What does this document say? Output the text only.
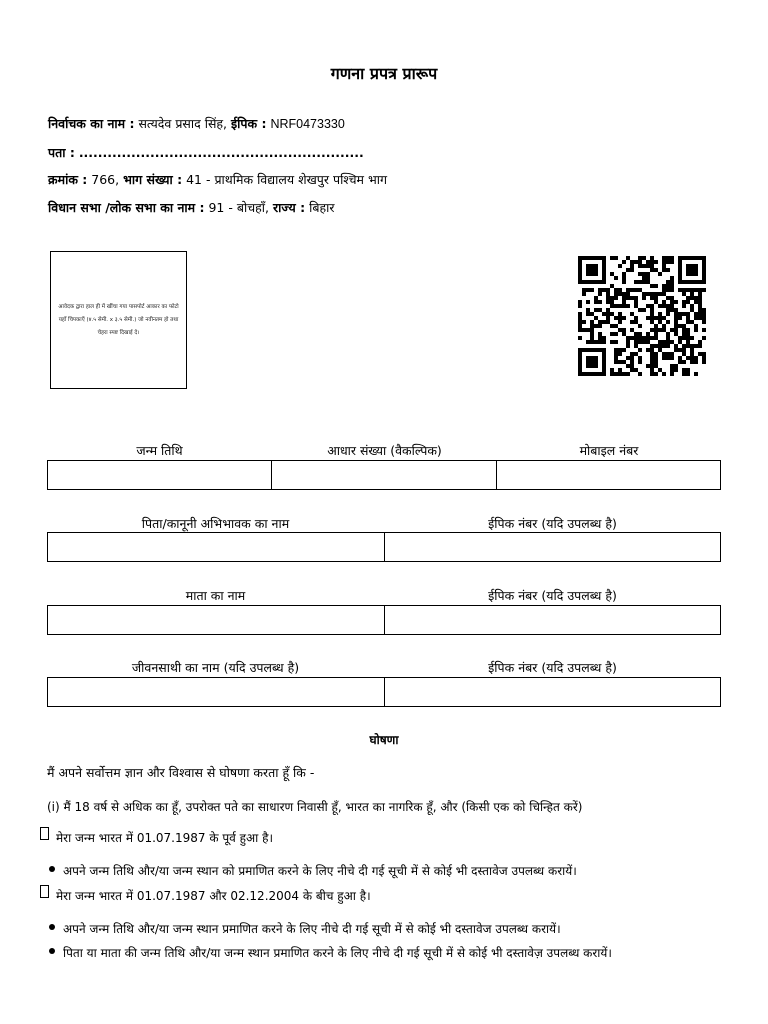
गणना प्रपत्र प्रारूप
निर्वाचक का नाम : सत्यदेव प्रसाद सिंह, ईपिक : NRF0473330
पता : ............................................................
क्रमांक : 766, भाग संख्या : 41 - प्राथमिक विद्यालय शेखपुर पश्चिम भाग
विधान सभा /लोक सभा का नाम : 91 - बोचहाँ, राज्य : बिहार
आवेदक द्वारा हाल ही में खींचा गया पासपोर्ट आकार का फोटो यहाँ चिपकाएँ (४.५ सेमी. x ३.५ सेमी.) जो नवीनतम हो तथा चेहरा स्पष्ट दिखाई दे।
जन्म तिथि	आधार संख्या (वैकल्पिक)	मोबाइल नंबर
पिता/कानूनी अभिभावक का नाम	ईपिक नंबर (यदि उपलब्ध है)
माता का नाम	ईपिक नंबर (यदि उपलब्ध है)
जीवनसाथी का नाम (यदि उपलब्ध है)	ईपिक नंबर (यदि उपलब्ध है)
घोषणा
मैं अपने सर्वोत्तम ज्ञान और विश्वास से घोषणा करता हूँ कि -
(i) मैं 18 वर्ष से अधिक का हूँ, उपरोक्त पते का साधारण निवासी हूँ, भारत का नागरिक हूँ, और (किसी एक को चिन्हित करें)
मेरा जन्म भारत में 01.07.1987 के पूर्व हुआ है।
अपने जन्म तिथि और/या जन्म स्थान को प्रमाणित करने के लिए नीचे दी गई सूची में से कोई भी दस्तावेज उपलब्ध करायें।
मेरा जन्म भारत में 01.07.1987 और 02.12.2004 के बीच हुआ है।
अपने जन्म तिथि और/या जन्म स्थान प्रमाणित करने के लिए नीचे दी गई सूची में से कोई भी दस्तावेज उपलब्ध करायें।
पिता या माता की जन्म तिथि और/या जन्म स्थान प्रमाणित करने के लिए नीचे दी गई सूची में से कोई भी दस्तावेज़ उपलब्ध करायें।
